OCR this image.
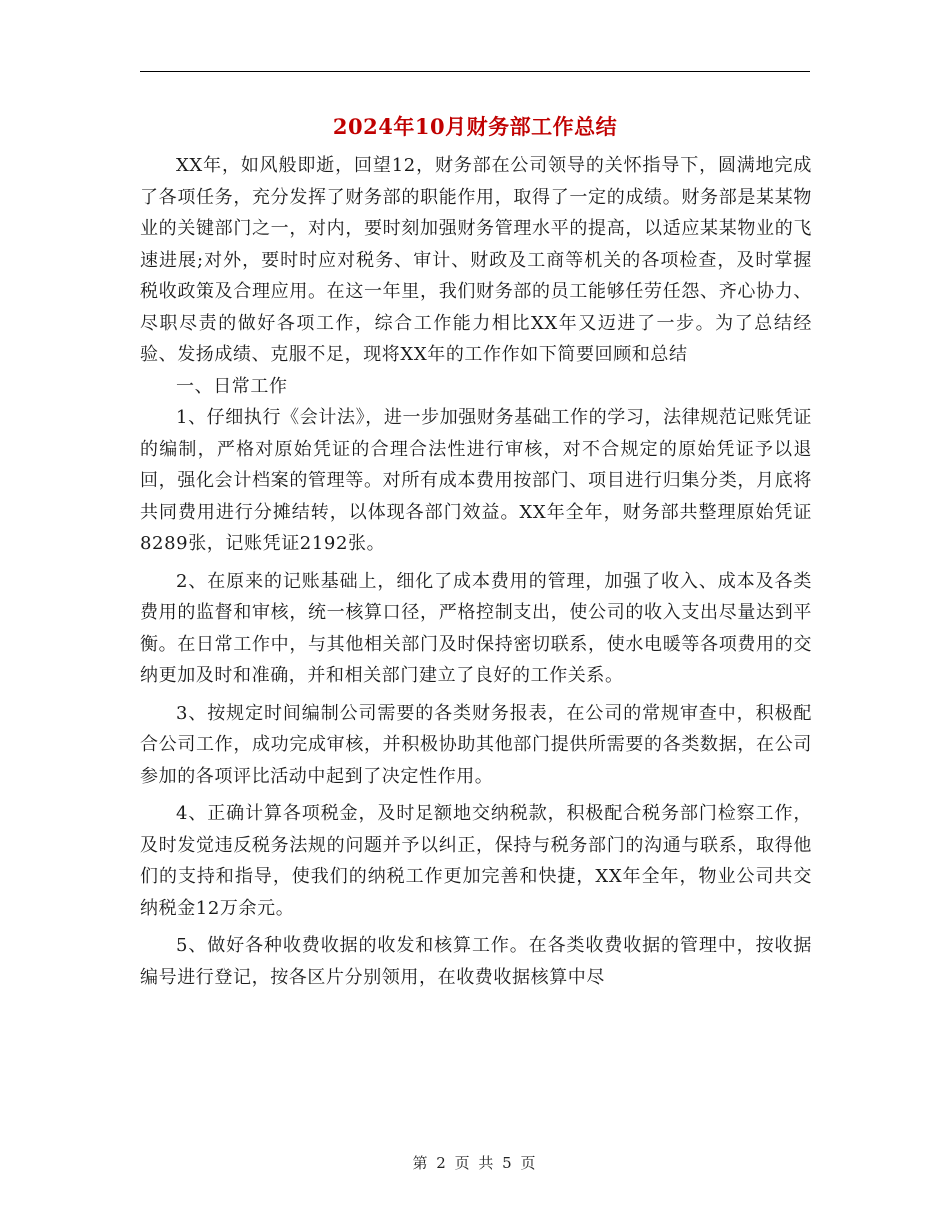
2024年10月财务部工作总结

XX年，如风般即逝，回望12，财务部在公司领导的关怀指导下，圆满地完成了各项任务，充分发挥了财务部的职能作用，取得了一定的成绩。财务部是某某物业的关键部门之一，对内，要时刻加强财务管理水平的提高，以适应某某物业的飞速进展;对外，要时时应对税务、审计、财政及工商等机关的各项检查，及时掌握税收政策及合理应用。在这一年里，我们财务部的员工能够任劳任怨、齐心协力、尽职尽责的做好各项工作，综合工作能力相比XX年又迈进了一步。为了总结经验、发扬成绩、克服不足，现将XX年的工作作如下简要回顾和总结

一、日常工作

1、仔细执行《会计法》，进一步加强财务基础工作的学习，法律规范记账凭证的编制，严格对原始凭证的合理合法性进行审核，对不合规定的原始凭证予以退回，强化会计档案的管理等。对所有成本费用按部门、项目进行归集分类，月底将共同费用进行分摊结转，以体现各部门效益。XX年全年，财务部共整理原始凭证8289张，记账凭证2192张。

2、在原来的记账基础上，细化了成本费用的管理，加强了收入、成本及各类费用的监督和审核，统一核算口径，严格控制支出，使公司的收入支出尽量达到平衡。在日常工作中，与其他相关部门及时保持密切联系，使水电暖等各项费用的交纳更加及时和准确，并和相关部门建立了良好的工作关系。

3、按规定时间编制公司需要的各类财务报表，在公司的常规审查中，积极配合公司工作，成功完成审核，并积极协助其他部门提供所需要的各类数据，在公司参加的各项评比活动中起到了决定性作用。

4、正确计算各项税金，及时足额地交纳税款，积极配合税务部门检察工作，及时发觉违反税务法规的问题并予以纠正，保持与税务部门的沟通与联系，取得他们的支持和指导，使我们的纳税工作更加完善和快捷，XX年全年，物业公司共交纳税金12万余元。

5、做好各种收费收据的收发和核算工作。在各类收费收据的管理中，按收据编号进行登记，按各区片分别领用，在收费收据核算中尽

第 2 页 共 5 页
